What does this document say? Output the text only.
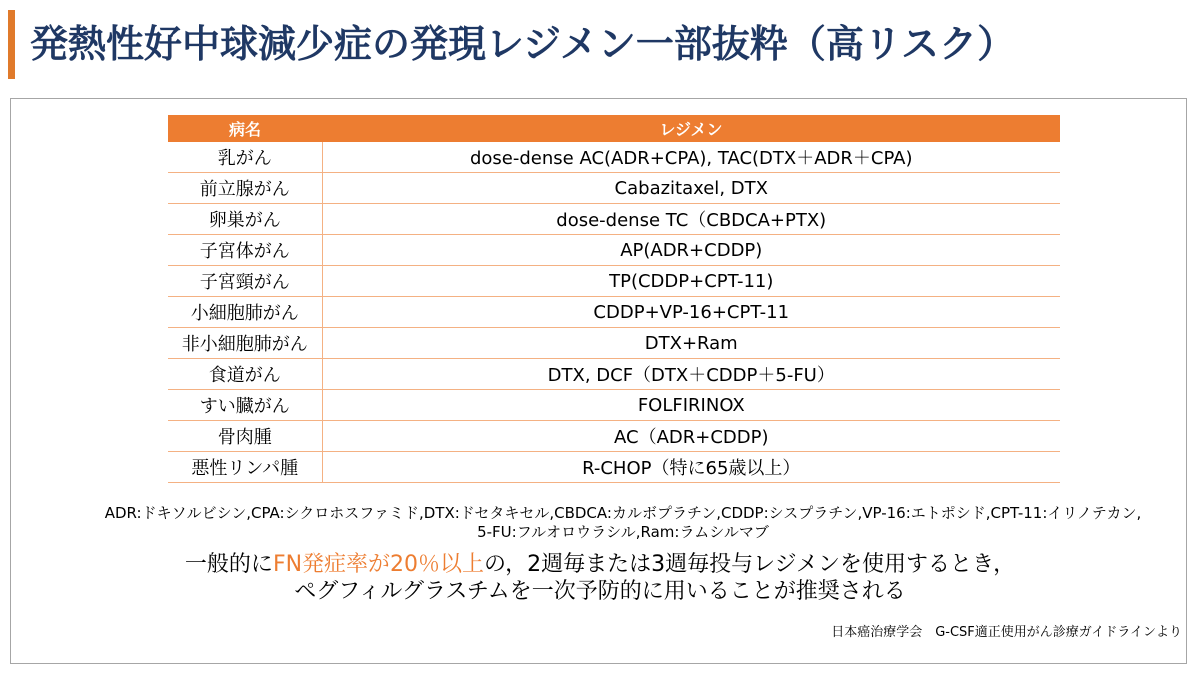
発熱性好中球減少症の発現レジメン一部抜粋（高リスク）
病名	レジメン
乳がん	dose-dense AC(ADR+CPA), TAC(DTX＋ADR＋CPA)
前立腺がん	Cabazitaxel, DTX
卵巣がん	dose-dense TC（CBDCA+PTX)
子宮体がん	AP(ADR+CDDP)
子宮頸がん	TP(CDDP+CPT-11)
小細胞肺がん	CDDP+VP-16+CPT-11
非小細胞肺がん	DTX+Ram
食道がん	DTX, DCF（DTX＋CDDP＋5-FU）
すい臓がん	FOLFIRINOX
骨肉腫	AC（ADR+CDDP)
悪性リンパ腫	R-CHOP（特に65歳以上）
ADR:ドキソルビシン,CPA:シクロホスファミド,DTX:ドセタキセル,CBDCA:カルボプラチン,CDDP:シスプラチン,VP-16:エトポシド,CPT-11:イリノテカン,
5-FU:フルオロウラシル,Ram:ラムシルマブ
一般的にFN発症率が20％以上の，2週毎または3週毎投与レジメンを使用するとき，
ペグフィルグラスチムを一次予防的に用いることが推奨される
日本癌治療学会　G-CSF適正使用がん診療ガイドラインより
